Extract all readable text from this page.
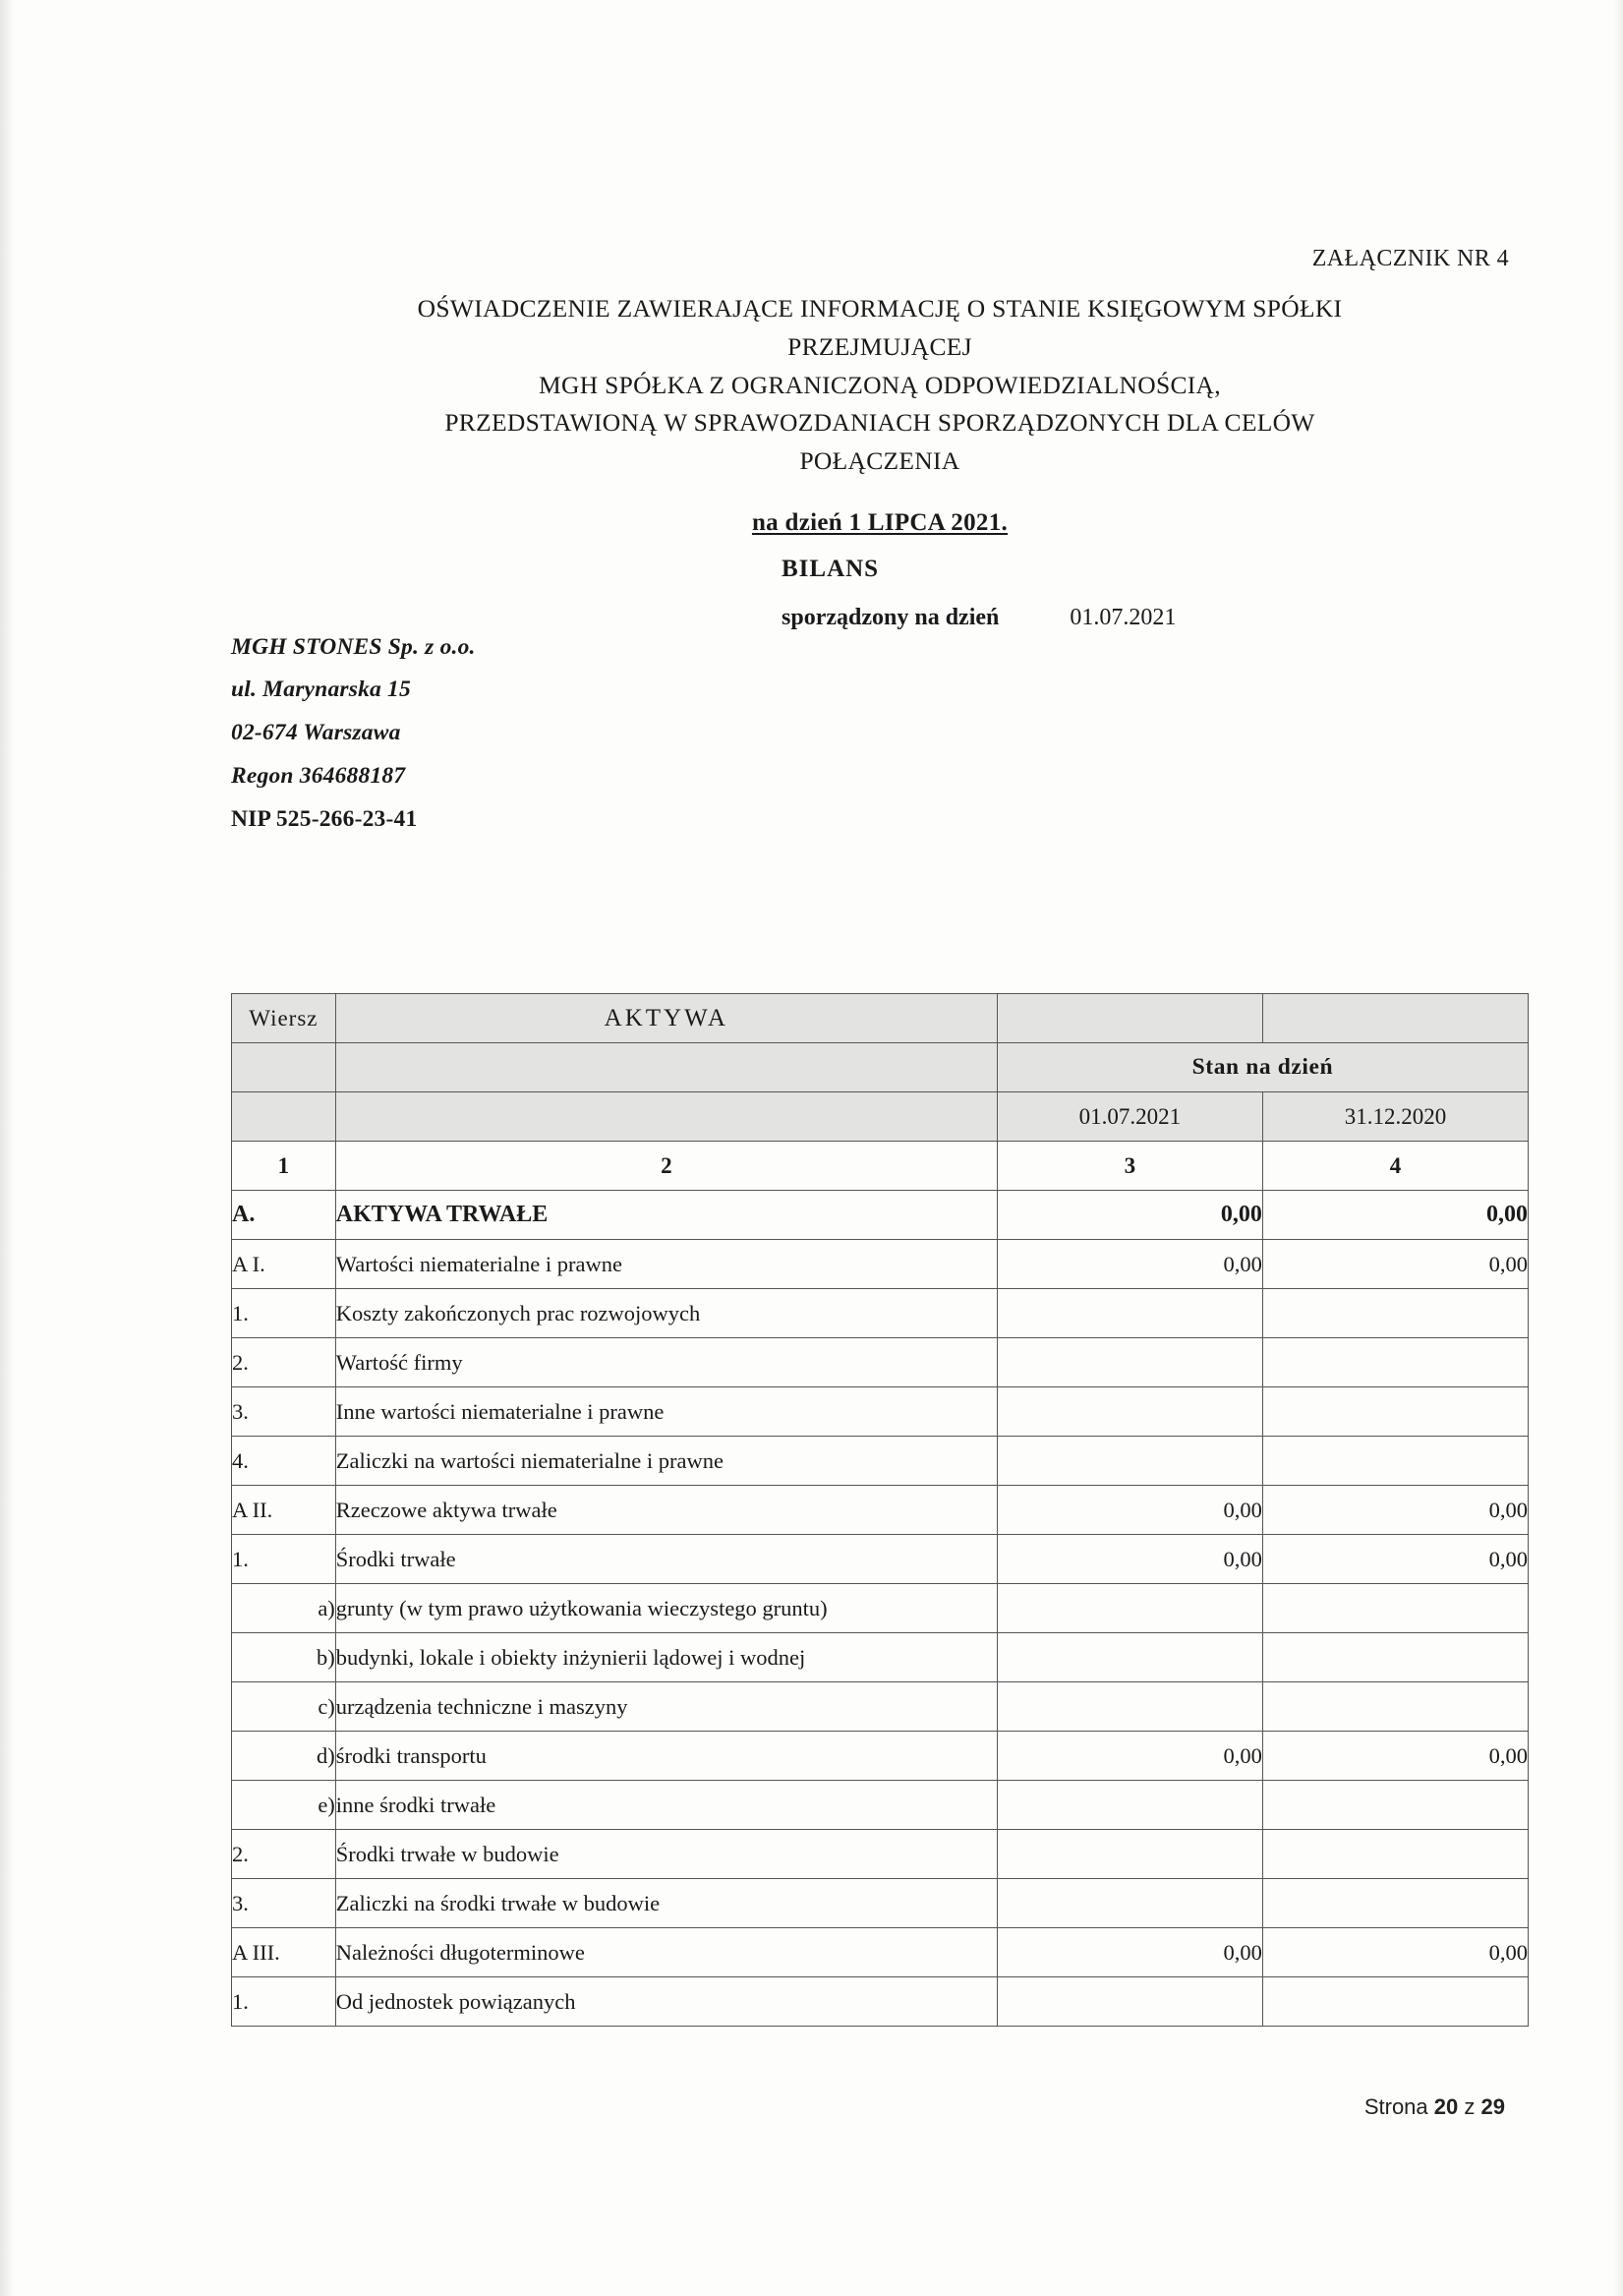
ZAŁĄCZNIK NR 4
OŚWIADCZENIE ZAWIERAJĄCE INFORMACJĘ O STANIE KSIĘGOWYM SPÓŁKI
PRZEJMUJĄCEJ
MGH SPÓŁKA Z OGRANICZONĄ ODPOWIEDZIALNOŚCIĄ,
PRZEDSTAWIONĄ W SPRAWOZDANIACH SPORZĄDZONYCH DLA CELÓW
POŁĄCZENIA
na dzień 1 LIPCA 2021.
MGH STONES Sp. z o.o.
ul. Marynarska 15
02-674 Warszawa
Regon 364688187
NIP 525-266-23-41
BILANS
sporządzony na dzień	01.07.2021
Wiersz	AKTYWA		
		Stan na dzień	
		01.07.2021	31.12.2020
1	2	3	4
A.	AKTYWA TRWAŁE	0,00	0,00
A I.	Wartości niematerialne i prawne	0,00	0,00
1.	Koszty zakończonych prac rozwojowych		
2.	Wartość firmy		
3.	Inne wartości niematerialne i prawne		
4.	Zaliczki na wartości niematerialne i prawne		
A II.	Rzeczowe aktywa trwałe	0,00	0,00
1.	Środki trwałe	0,00	0,00
a)	grunty (w tym prawo użytkowania wieczystego gruntu)		
b)	budynki, lokale i obiekty inżynierii lądowej i wodnej		
c)	urządzenia techniczne i maszyny		
d)	środki transportu	0,00	0,00
e)	inne środki trwałe		
2.	Środki trwałe w budowie		
3.	Zaliczki na środki trwałe w budowie		
A III.	Należności długoterminowe	0,00	0,00
1.	Od jednostek powiązanych		
Strona 20 z 29
